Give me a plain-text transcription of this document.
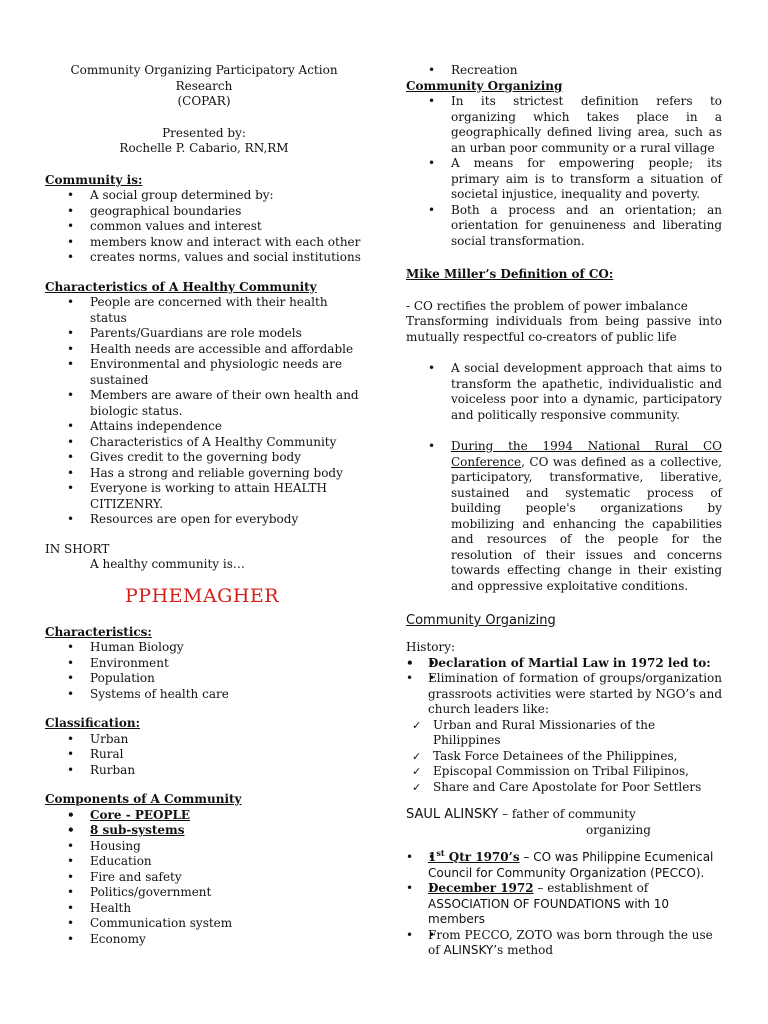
Community Organizing Participatory Action
Research
(COPAR)
Presented by:
Rochelle P. Cabario, RN,RM
Community is:
• A social group determined by:
• geographical boundaries
• common values and interest
• members know and interact with each other
• creates norms, values and social institutions
Characteristics of A Healthy Community
• People are concerned with their health status
• Parents/Guardians are role models
• Health needs are accessible and affordable
• Environmental and physiologic needs are sustained
• Members are aware of their own health and biologic status.
• Attains independence
• Characteristics of A Healthy Community
• Gives credit to the governing body
• Has a strong and reliable governing body
• Everyone is working to attain HEALTH CITIZENRY.
• Resources are open for everybody
IN SHORT
A healthy community is…
PPHEMAGHER
Characteristics:
• Human Biology
• Environment
• Population
• Systems of health care
Classification:
• Urban
• Rural
• Rurban
Components of A Community
• Core - PEOPLE
• 8 sub-systems
• Housing
• Education
• Fire and safety
• Politics/government
• Health
• Communication system
• Economy
• Recreation
Community Organizing
• In its strictest definition refers to organizing which takes place in a geographically defined living area, such as an urban poor community or a rural village
• A means for empowering people; its primary aim is to transform a situation of societal injustice, inequality and poverty.
• Both a process and an orientation; an orientation for genuineness and liberating social transformation.
Mike Miller’s Definition of CO:
- CO rectifies the problem of power imbalance
Transforming individuals from being passive into mutually respectful co-creators of public life
• A social development approach that aims to transform the apathetic, individualistic and voiceless poor into a dynamic, participatory and politically responsive community.
• During the 1994 National Rural CO Conference, CO was defined as a collective, participatory, transformative, liberative, sustained and systematic process of building people's organizations by mobilizing and enhancing the capabilities and resources of the people for the resolution of their issues and concerns towards effecting change in their existing and oppressive exploitative conditions.
Community Organizing
History:
• • Declaration of Martial Law in 1972 led to:
• • Elimination of formation of groups/organization grassroots activities were started by NGO’s and church leaders like:
✓ Urban and Rural Missionaries of the Philippines
✓ Task Force Detainees of the Philippines,
✓ Episcopal Commission on Tribal Filipinos,
✓ Share and Care Apostolate for Poor Settlers
SAUL ALINSKY – father of community
organizing
• • 1st Qtr 1970’s – CO was Philippine Ecumenical Council for Community Organization (PECCO).
• • December 1972 – establishment of ASSOCIATION OF FOUNDATIONS with 10 members
• • From PECCO, ZOTO was born through the use of ALINSKY’s method
